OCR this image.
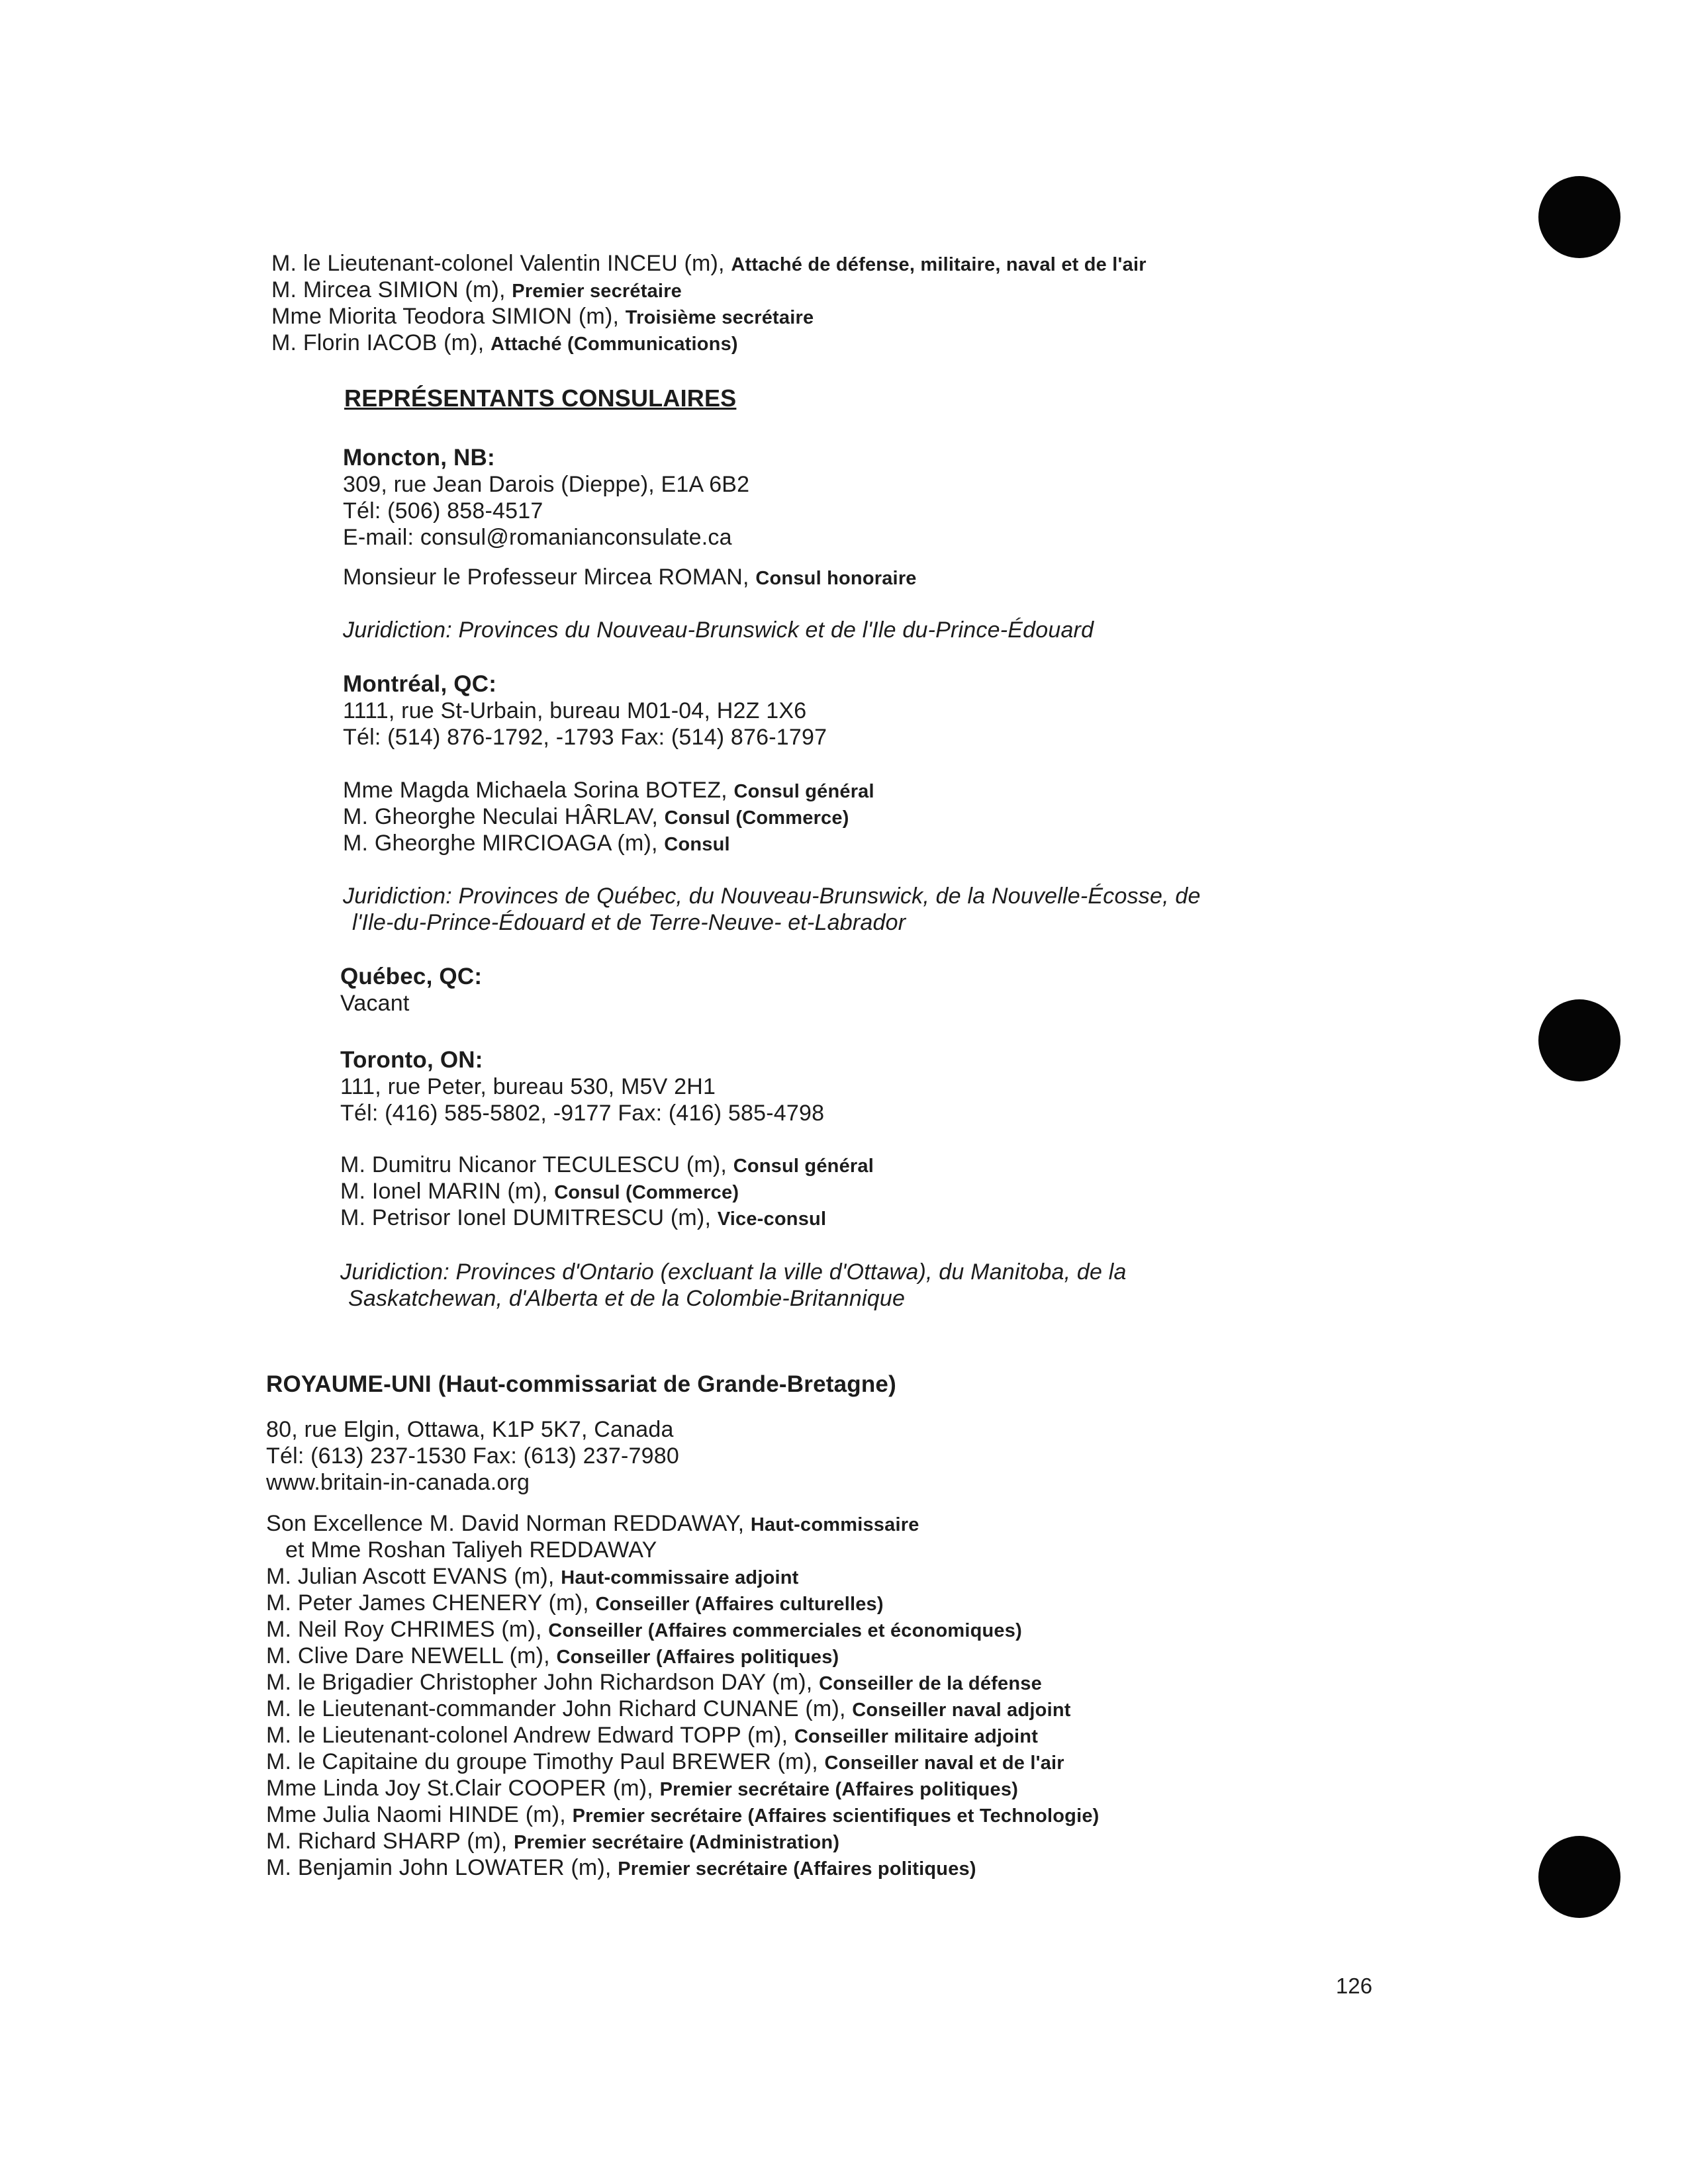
M. le Lieutenant-colonel Valentin INCEU (m), Attaché de défense, militaire, naval et de l'air
M. Mircea SIMION (m), Premier secrétaire
Mme Miorita Teodora SIMION (m), Troisième secrétaire
M. Florin IACOB (m), Attaché (Communications)
REPRÉSENTANTS CONSULAIRES
Moncton, NB:
309, rue Jean Darois (Dieppe), E1A 6B2
Tél: (506) 858-4517
E-mail: consul@romanianconsulate.ca
Monsieur le Professeur Mircea ROMAN, Consul honoraire
Juridiction: Provinces du Nouveau-Brunswick et de l'Ile du-Prince-Édouard
Montréal, QC:
1111, rue St-Urbain, bureau M01-04, H2Z 1X6
Tél: (514) 876-1792, -1793 Fax: (514) 876-1797
Mme Magda Michaela Sorina BOTEZ, Consul général
M. Gheorghe Neculai HÂRLAV, Consul (Commerce)
M. Gheorghe MIRCIOAGA (m), Consul
Juridiction: Provinces de Québec, du Nouveau-Brunswick, de la Nouvelle-Écosse, de
l'Ile-du-Prince-Édouard et de Terre-Neuve- et-Labrador
Québec, QC:
Vacant
Toronto, ON:
111, rue Peter, bureau 530, M5V 2H1
Tél: (416) 585-5802, -9177 Fax: (416) 585-4798
M. Dumitru Nicanor TECULESCU (m), Consul général
M. Ionel MARIN (m), Consul (Commerce)
M. Petrisor Ionel DUMITRESCU (m), Vice-consul
Juridiction: Provinces d'Ontario (excluant la ville d'Ottawa), du Manitoba, de la
Saskatchewan, d'Alberta et de la Colombie-Britannique
ROYAUME-UNI (Haut-commissariat de Grande-Bretagne)
80, rue Elgin, Ottawa, K1P 5K7, Canada
Tél: (613) 237-1530 Fax: (613) 237-7980
www.britain-in-canada.org
Son Excellence M. David Norman REDDAWAY, Haut-commissaire
et Mme Roshan Taliyeh REDDAWAY
M. Julian Ascott EVANS (m), Haut-commissaire adjoint
M. Peter James CHENERY (m), Conseiller (Affaires culturelles)
M. Neil Roy CHRIMES (m), Conseiller (Affaires commerciales et économiques)
M. Clive Dare NEWELL (m), Conseiller (Affaires politiques)
M. le Brigadier Christopher John Richardson DAY (m), Conseiller de la défense
M. le Lieutenant-commander John Richard CUNANE (m), Conseiller naval adjoint
M. le Lieutenant-colonel Andrew Edward TOPP (m), Conseiller militaire adjoint
M. le Capitaine du groupe Timothy Paul BREWER (m), Conseiller naval et de l'air
Mme Linda Joy St.Clair COOPER (m), Premier secrétaire (Affaires politiques)
Mme Julia Naomi HINDE (m), Premier secrétaire (Affaires scientifiques et Technologie)
M. Richard SHARP (m), Premier secrétaire (Administration)
M. Benjamin John LOWATER (m), Premier secrétaire (Affaires politiques)
126
